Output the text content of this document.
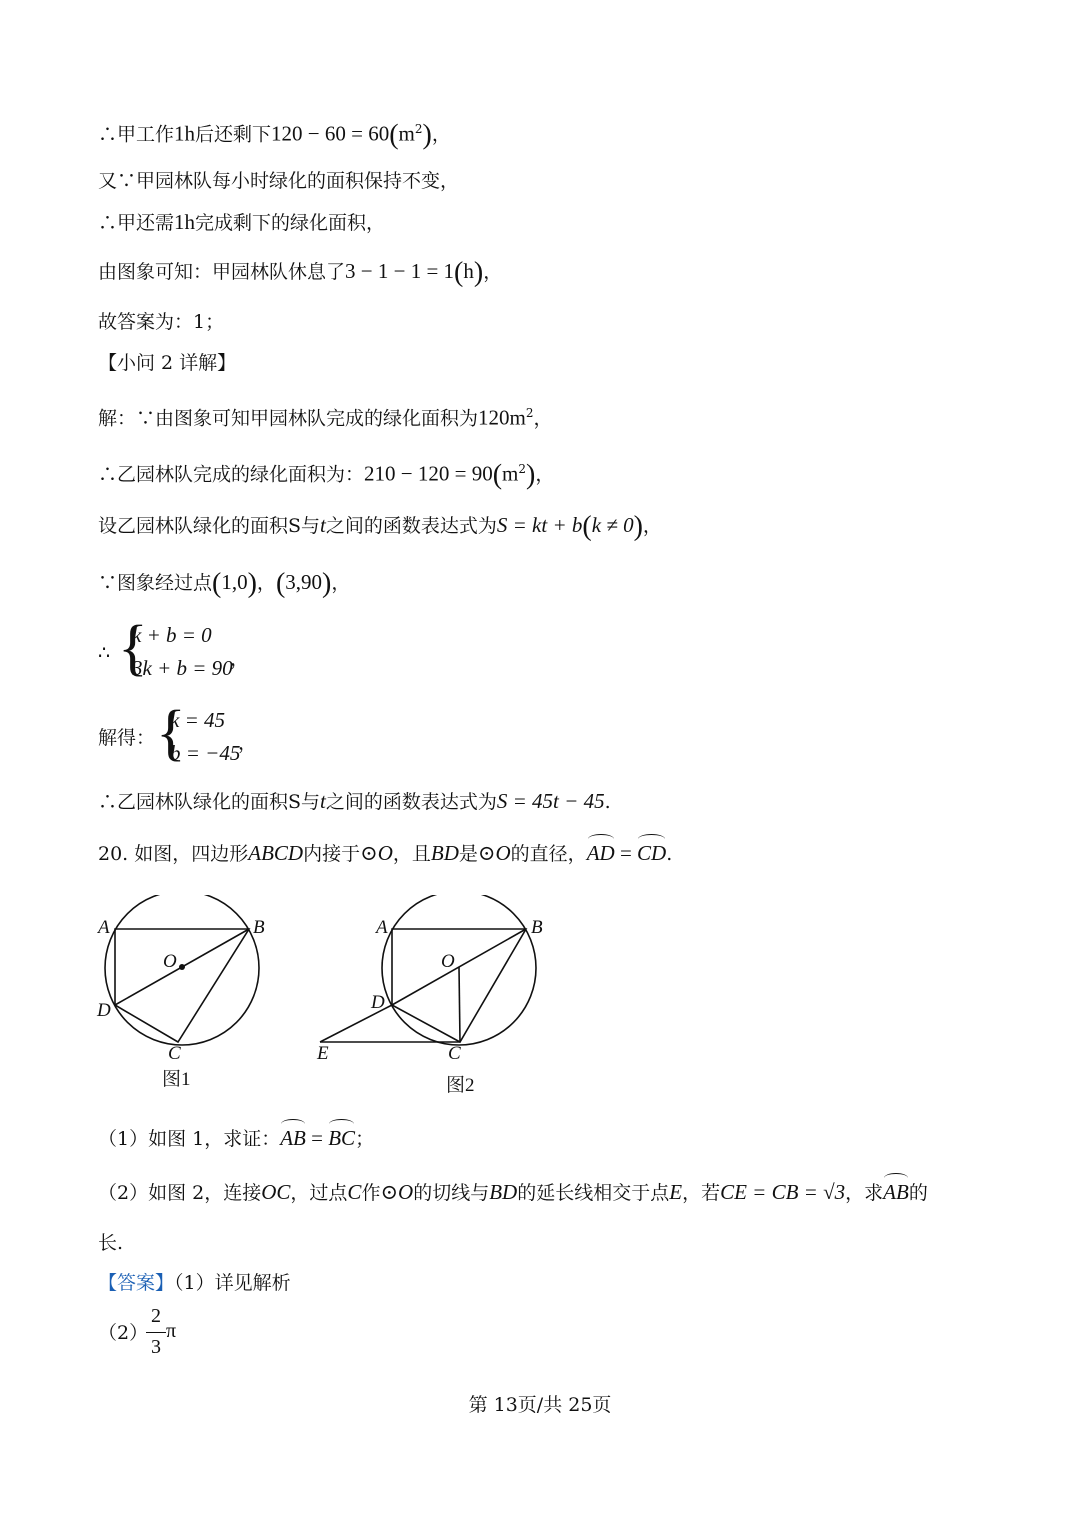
∴甲工作1h后还剩下$120 - 60 = 60(m^2)$，
又∵甲园林队每小时绿化的面积保持不变，
∴甲还需1h完成剩下的绿化面积，
由图象可知：甲园林队休息了3 − 1 − 1 = 1(h)，
故答案为：1；
【小问 2 详解】
解：∵由图象可知甲园林队完成的绿化面积为$120m^2$，
∴乙园林队完成的绿化面积为：$210 - 120 = 90(m^2)$，
设乙园林队绿化的面积S与t之间的函数表达式为S = kt + b(k ≠ 0)，
∵图象经过点(1,0)，(3,90)，
∴ {
k + b = 0
3k + b = 90
，
解得： {
k = 45
b = −45
，
∴乙园林队绿化的面积S与t之间的函数表达式为S = 45t − 45.
20. 如图，四边形ABCD内接于⊙O，且BD是⊙O的直径，AD = CD.
A	B
O
D
C
图1
A	B
O
D
C
E
图2
（1）如图 1，求证：AB = BC；
（2）如图 2，连接OC，过点C作⊙O的切线与BD的延长线相交于点E，若CE = CB = √3，求AB的
长.
【答案】（1）详见解析
（2）
2
3
π
第 13页/共 25页
